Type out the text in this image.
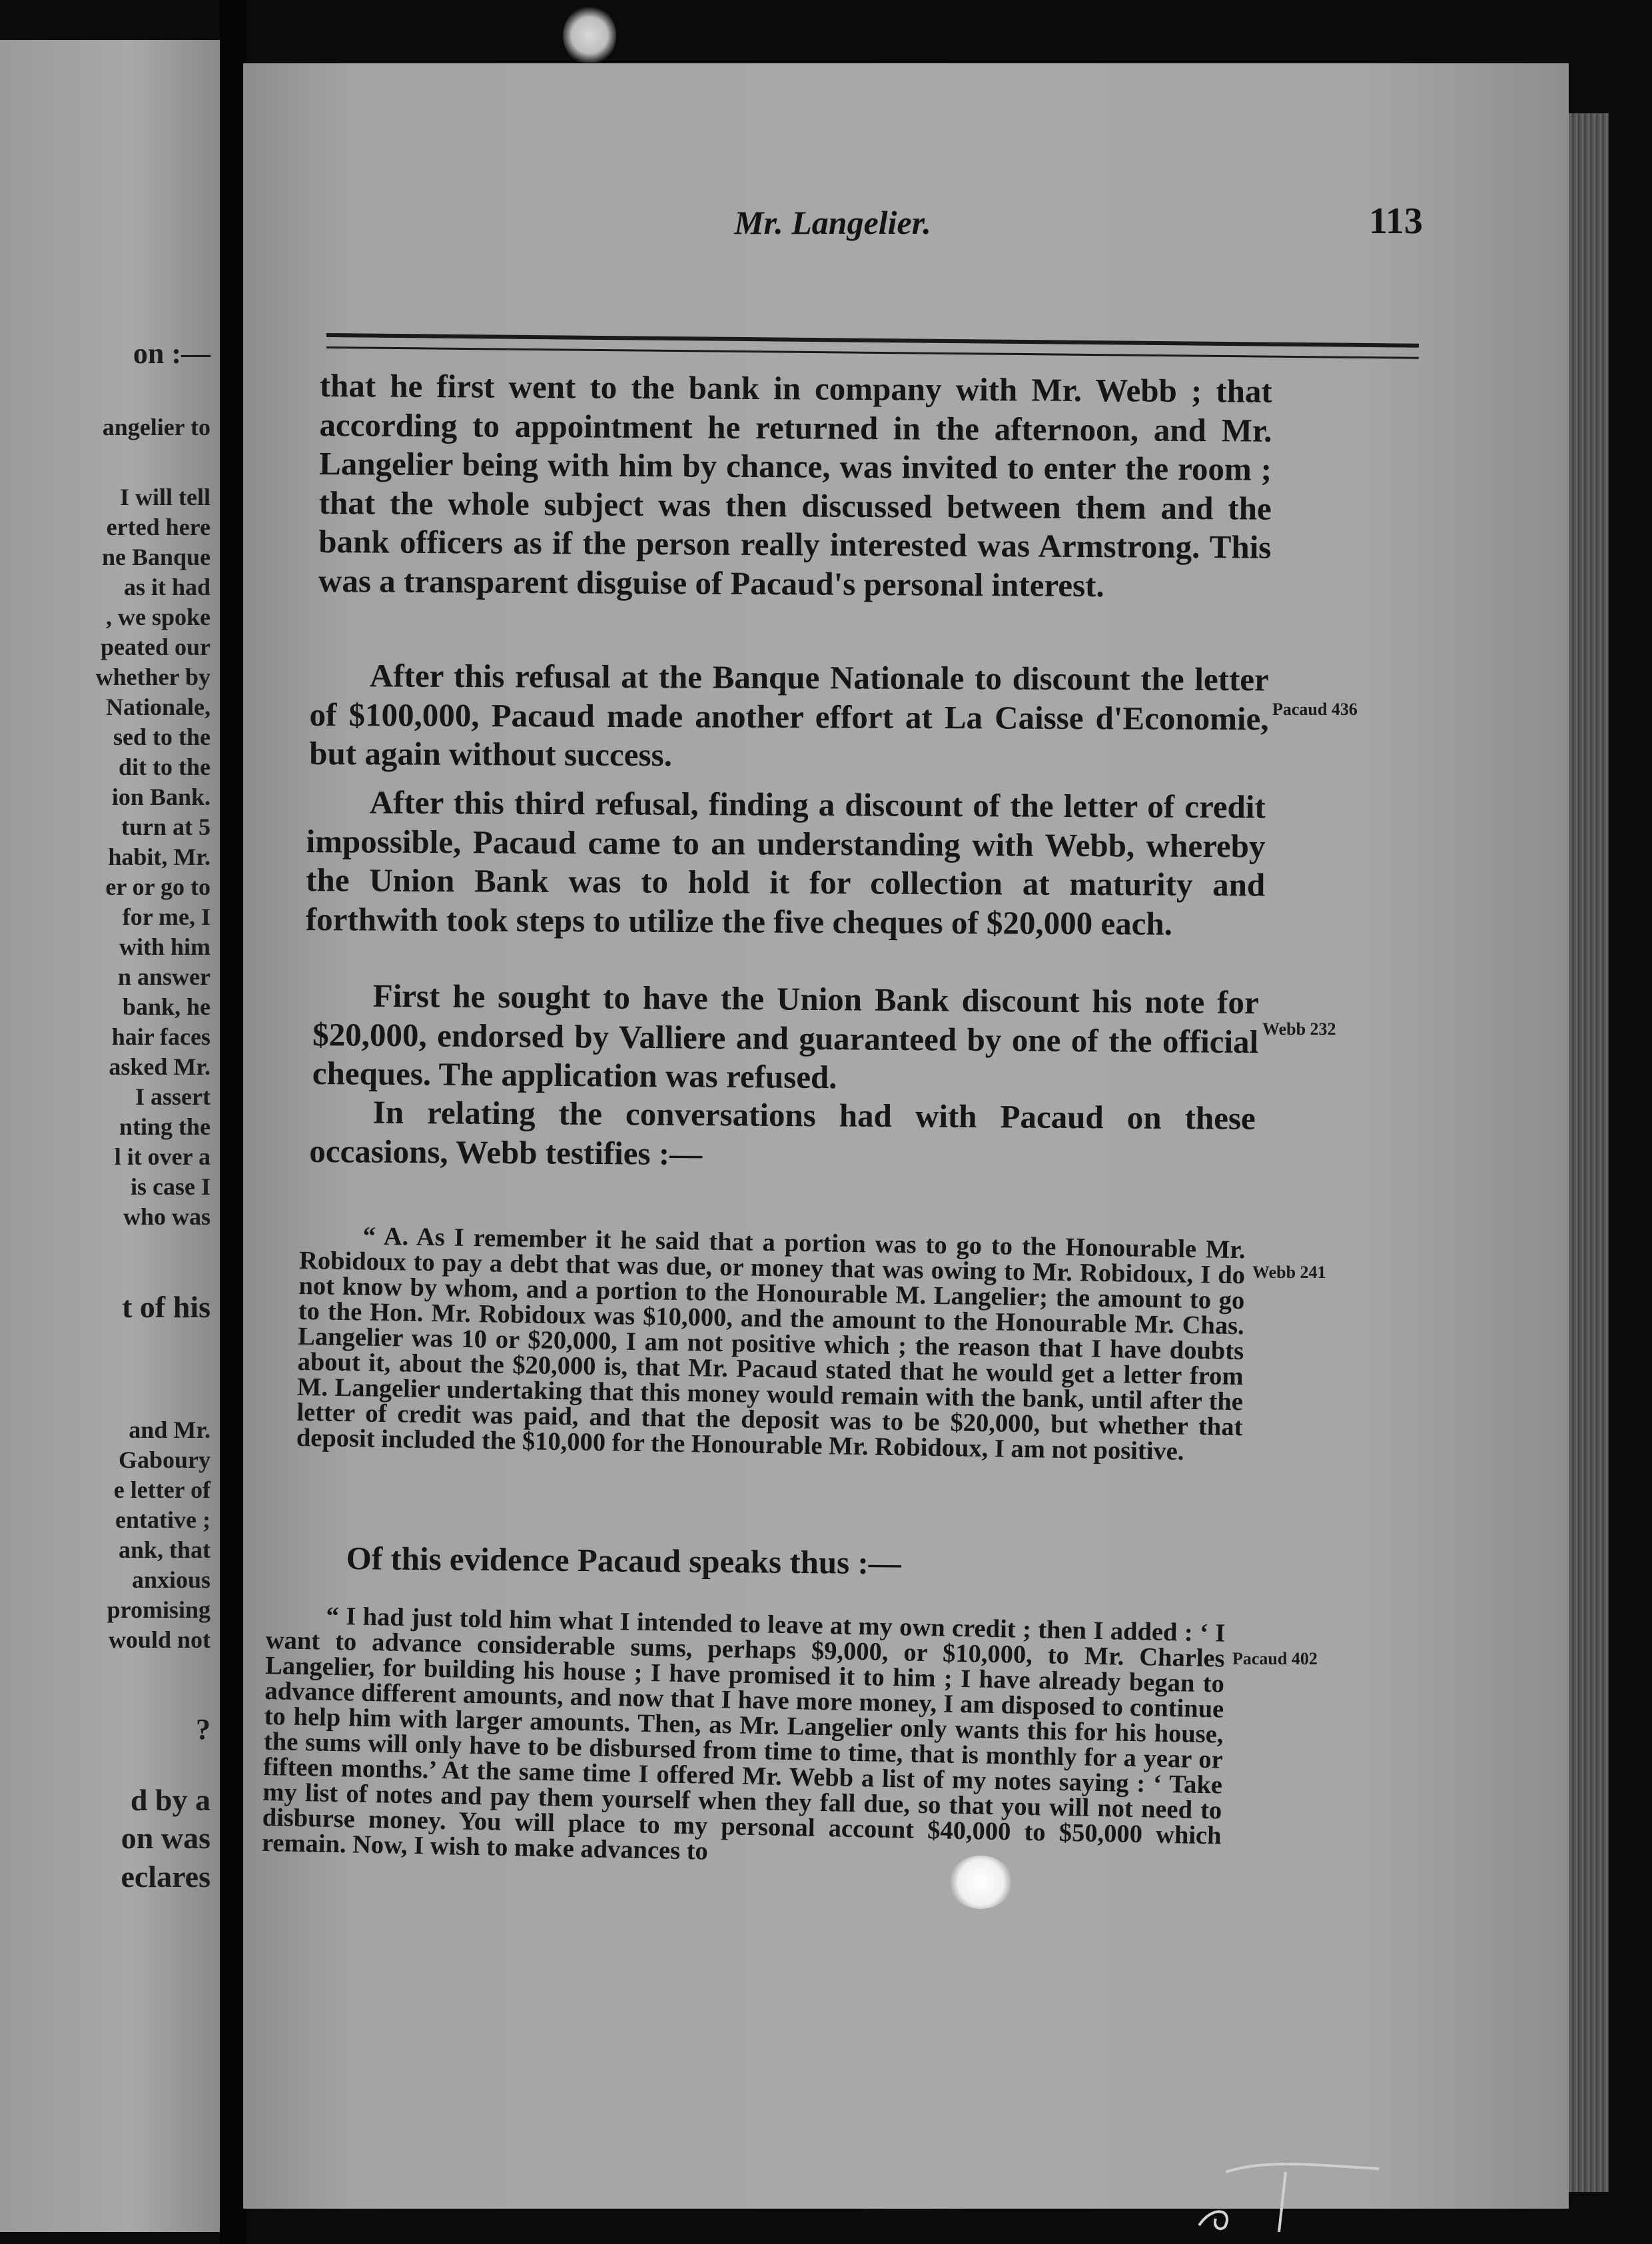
on :—
angelier to
I will tell
erted here
ne Banque
as it had
, we spoke
peated our
whether by
Nationale,
sed to the
dit to the
ion Bank.
turn at 5
habit, Mr.
er or go to
for me, I
with him
n answer
bank, he
hair faces
asked Mr.
I assert
nting the
l it over a
is case I
who was
t of his
and Mr.
Gaboury
e letter of
entative ;
ank, that
anxious
promising
would not
?
d by a
on was
eclares
Mr. Langelier.	113

that he first went to the bank in company with Mr. Webb ; that according to appointment he returned in the afternoon, and Mr. Langelier being with him by chance, was invited to enter the room ; that the whole subject was then discussed between them and the bank officers as if the person really interested was Armstrong. This was a transparent disguise of Pacaud's personal interest.

After this refusal at the Banque Nationale to discount the letter of $100,000, Pacaud made another effort at La Caisse d'Economie, but again without success.

After this third refusal, finding a discount of the letter of credit impossible, Pacaud came to an understanding with Webb, whereby the Union Bank was to hold it for collection at maturity and forthwith took steps to utilize the five cheques of $20,000 each.

First he sought to have the Union Bank discount his note for $20,000, endorsed by Valliere and guaranteed by one of the official cheques. The application was refused.

In relating the conversations had with Pacaud on these occasions, Webb testifies :—

“ A. As I remember it he said that a portion was to go to the Honourable Mr. Robidoux to pay a debt that was due, or money that was owing to Mr. Robidoux, I do not know by whom, and a portion to the Honourable M. Langelier; the amount to go to the Hon. Mr. Robidoux was $10,000, and the amount to the Honourable Mr. Chas. Langelier was 10 or $20,000, I am not positive which ; the reason that I have doubts about it, about the $20,000 is, that Mr. Pacaud stated that he would get a letter from M. Langelier undertaking that this money would remain with the bank, until after the letter of credit was paid, and that the deposit was to be $20,000, but whether that deposit included the $10,000 for the Honourable Mr. Robidoux, I am not positive.

Of this evidence Pacaud speaks thus :—

“ I had just told him what I intended to leave at my own credit ; then I added : ‘ I want to advance considerable sums, perhaps $9,000, or $10,000, to Mr. Charles Langelier, for building his house ; I have promised it to him ; I have already began to advance different amounts, and now that I have more money, I am disposed to continue to help him with larger amounts. Then, as Mr. Langelier only wants this for his house, the sums will only have to be disbursed from time to time, that is monthly for a year or fifteen months.’ At the same time I offered Mr. Webb a list of my notes saying : ‘ Take my list of notes and pay them yourself when they fall due, so that you will not need to disburse money. You will place to my personal account $40,000 to $50,000 which remain. Now, I wish to make advances to

Pacaud 436
Webb 232
Webb 241
Pacaud 402
